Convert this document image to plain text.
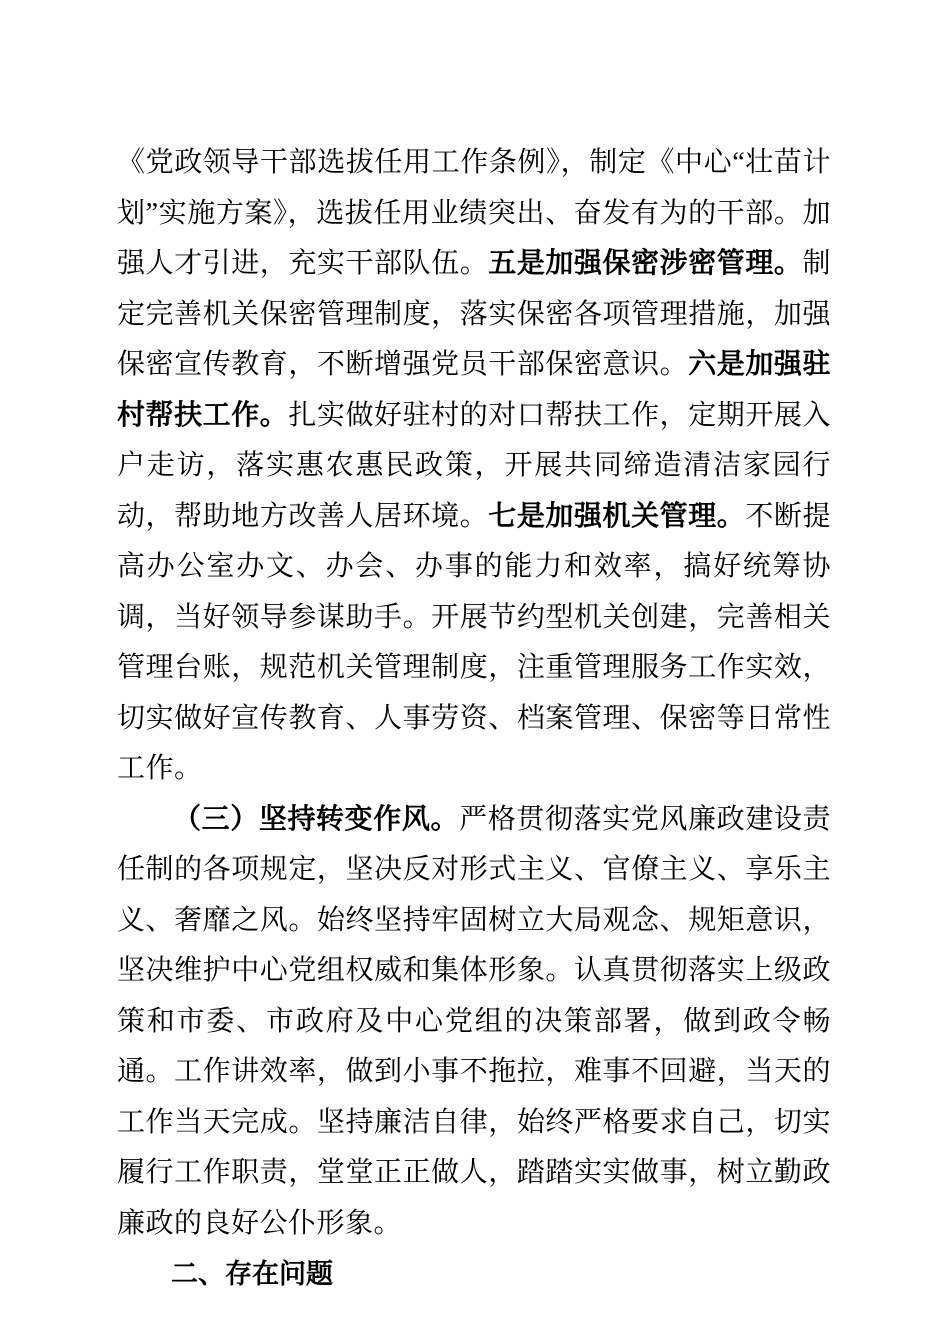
《党政领导干部选拔任用工作条例》，制定《中心“壮苗计划”实施方案》，选拔任用业绩突出、奋发有为的干部。加强人才引进，充实干部队伍。五是加强保密涉密管理。制定完善机关保密管理制度，落实保密各项管理措施，加强保密宣传教育，不断增强党员干部保密意识。六是加强驻村帮扶工作。扎实做好驻村的对口帮扶工作，定期开展入户走访，落实惠农惠民政策，开展共同缔造清洁家园行动，帮助地方改善人居环境。七是加强机关管理。不断提高办公室办文、办会、办事的能力和效率，搞好统筹协调，当好领导参谋助手。开展节约型机关创建，完善相关管理台账，规范机关管理制度，注重管理服务工作实效，切实做好宣传教育、人事劳资、档案管理、保密等日常性工作。

（三）坚持转变作风。严格贯彻落实党风廉政建设责任制的各项规定，坚决反对形式主义、官僚主义、享乐主义、奢靡之风。始终坚持牢固树立大局观念、规矩意识，坚决维护中心党组权威和集体形象。认真贯彻落实上级政策和市委、市政府及中心党组的决策部署，做到政令畅通。工作讲效率，做到小事不拖拉，难事不回避，当天的工作当天完成。坚持廉洁自律，始终严格要求自己，切实履行工作职责，堂堂正正做人，踏踏实实做事，树立勤政廉政的良好公仆形象。

二、存在问题
